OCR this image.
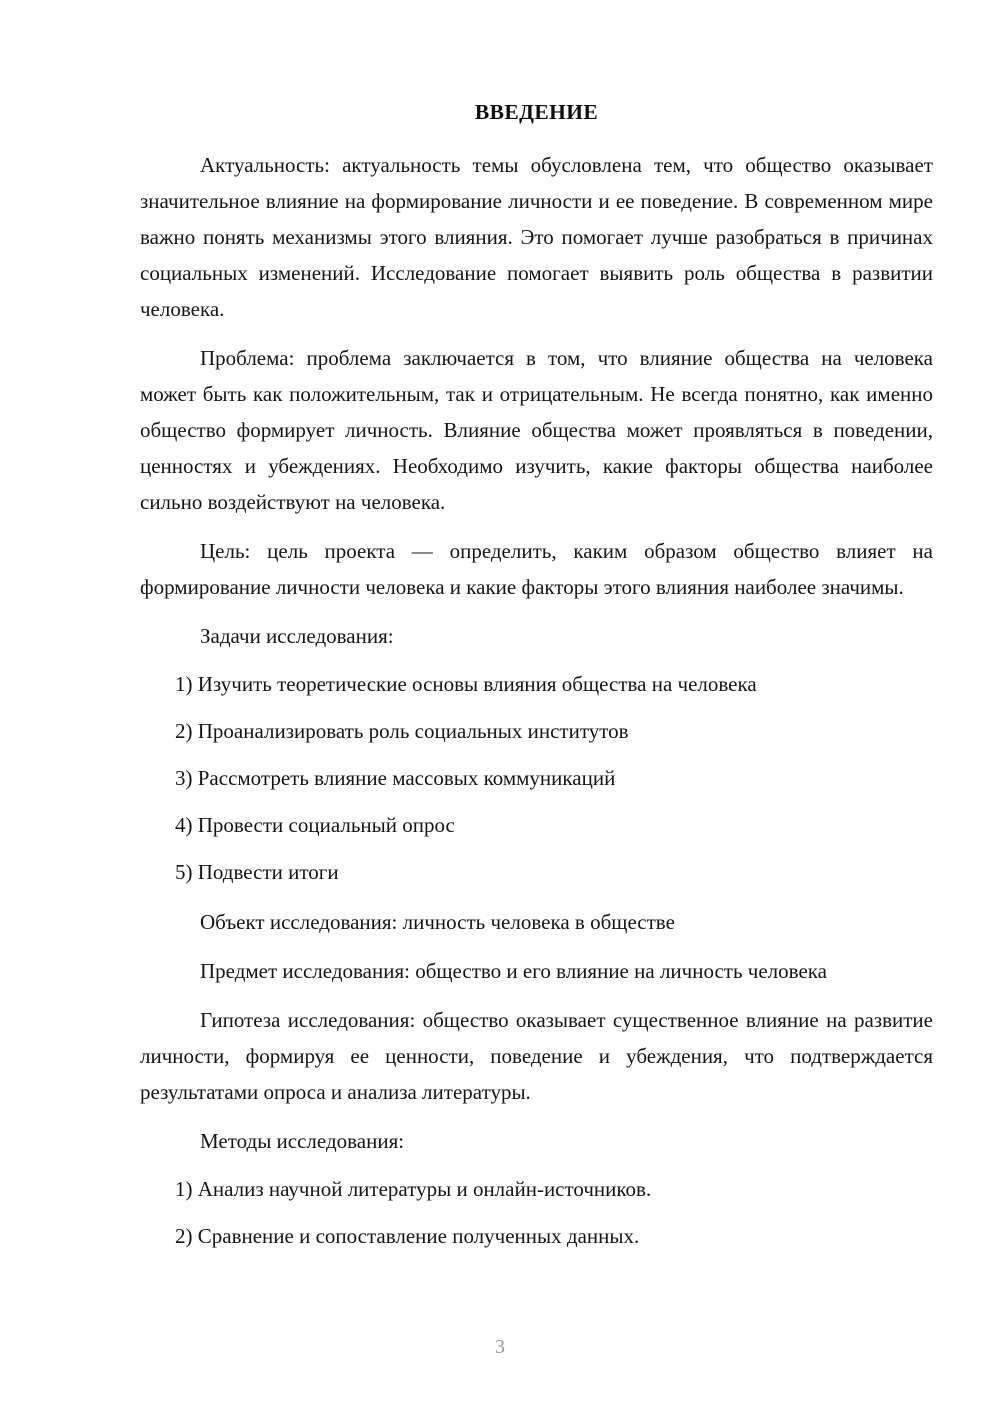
ВВЕДЕНИЕ

Актуальность: актуальность темы обусловлена тем, что общество оказывает значительное влияние на формирование личности и ее поведение. В современном мире важно понять механизмы этого влияния. Это помогает лучше разобраться в причинах социальных изменений. Исследование помогает выявить роль общества в развитии человека.

Проблема: проблема заключается в том, что влияние общества на человека может быть как положительным, так и отрицательным. Не всегда понятно, как именно общество формирует личность. Влияние общества может проявляться в поведении, ценностях и убеждениях. Необходимо изучить, какие факторы общества наиболее сильно воздействуют на человека.

Цель: цель проекта — определить, каким образом общество влияет на формирование личности человека и какие факторы этого влияния наиболее значимы.

Задачи исследования:

1) Изучить теоретические основы влияния общества на человека
2) Проанализировать роль социальных институтов
3) Рассмотреть влияние массовых коммуникаций
4) Провести социальный опрос
5) Подвести итоги

Объект исследования: личность человека в обществе

Предмет исследования: общество и его влияние на личность человека

Гипотеза исследования: общество оказывает существенное влияние на развитие личности, формируя ее ценности, поведение и убеждения, что подтверждается результатами опроса и анализа литературы.

Методы исследования:

1) Анализ научной литературы и онлайн-источников.
2) Сравнение и сопоставление полученных данных.
3
